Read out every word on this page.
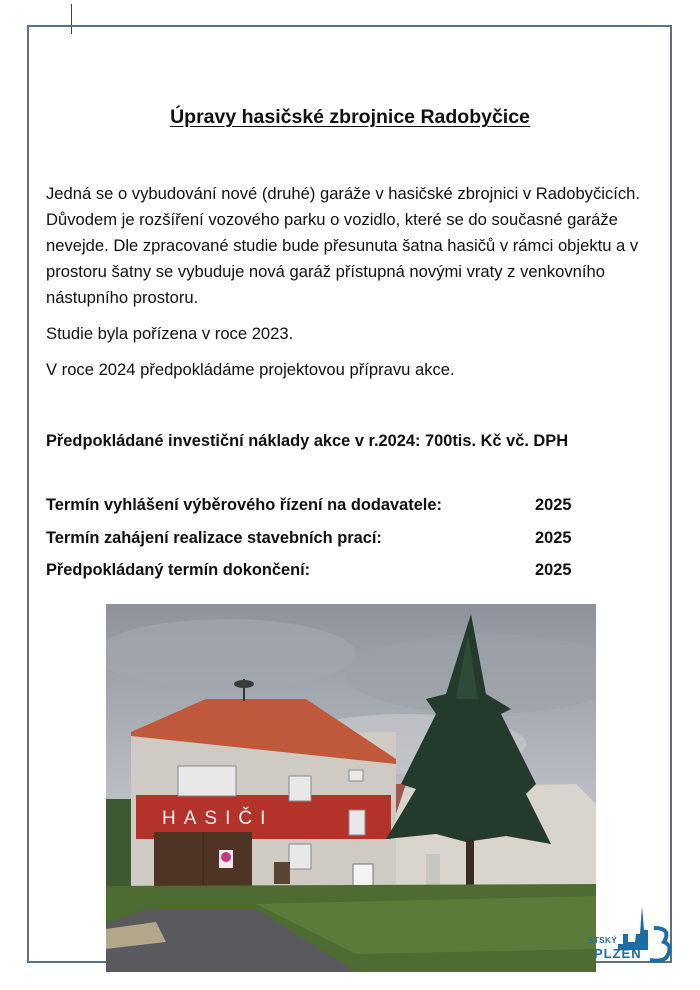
Úpravy hasičské zbrojnice Radobyčice

Jedná se o vybudování nové (druhé) garáže v hasičské zbrojnici v Radobyčicích. Důvodem je rozšíření vozového parku o vozidlo, které se do současné garáže nevejde. Dle zpracované studie bude přesunuta šatna hasičů v rámci objektu a v prostoru šatny se vybuduje nová garáž přístupná novými vraty z venkovního nástupního prostoru.

Studie byla pořízena v roce 2023.

V roce 2024 předpokládáme projektovou přípravu akce.

Předpokládané investiční náklady akce v r.2024: 700tis. Kč vč. DPH
Termín vyhlášení výběrového řízení na dodavatele:	2025
Termín zahájení realizace stavebních prací:	2025
Předpokládaný termín dokončení:	2025
HASIČI
STSKÝ
PLZEŇ
